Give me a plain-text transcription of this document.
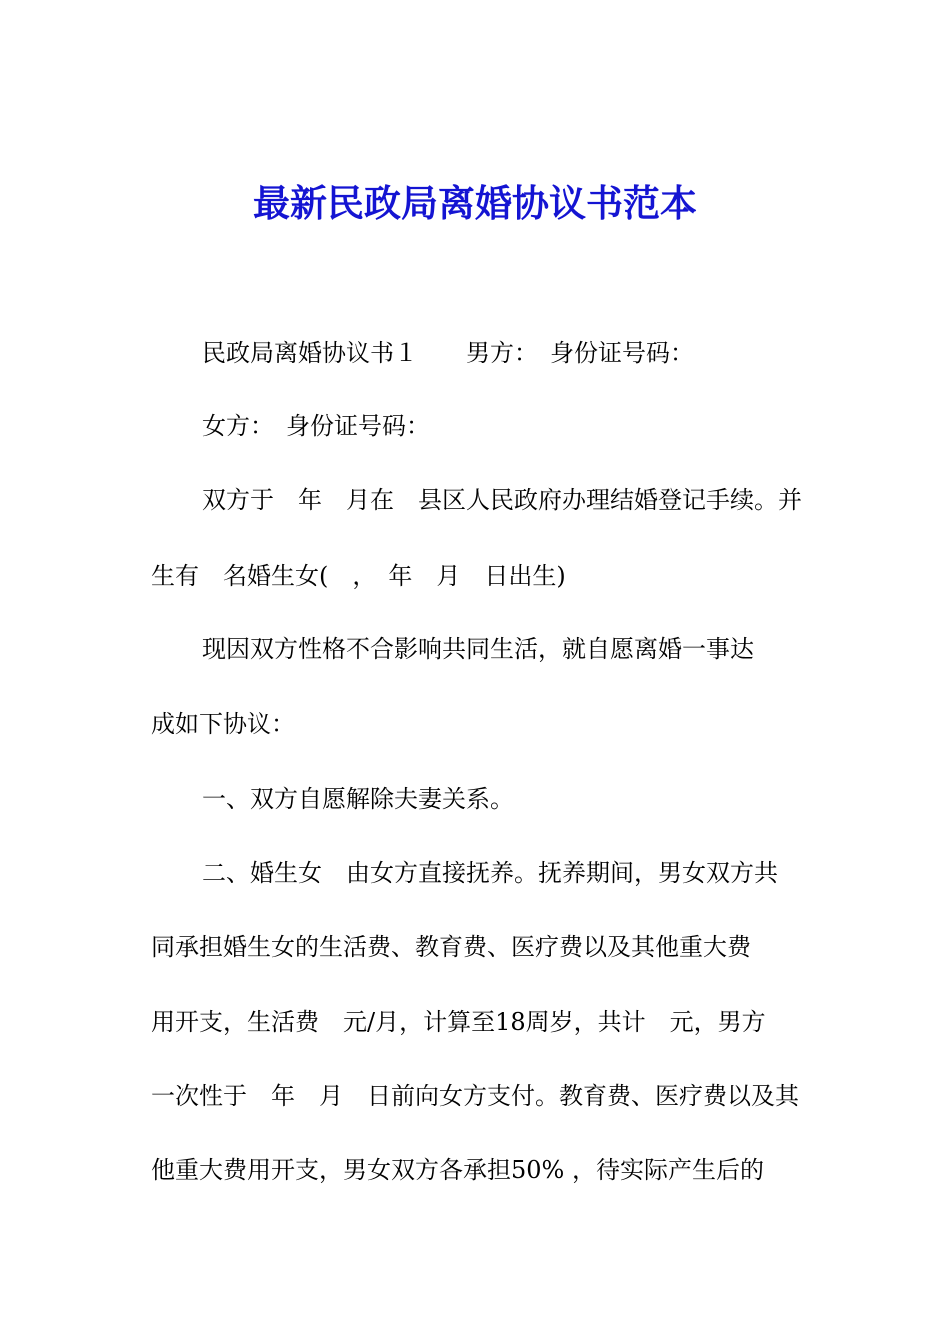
最新民政局离婚协议书范本

民政局离婚协议书１　　男方：　身份证号码：

女方：　身份证号码：

双方于　年　月在　县区人民政府办理结婚登记手续。并

生有　名婚生女(　，　年　月　日出生)

现因双方性格不合影响共同生活，就自愿离婚一事达

成如下协议：

一、双方自愿解除夫妻关系。

二、婚生女　由女方直接抚养。抚养期间，男女双方共

同承担婚生女的生活费、教育费、医疗费以及其他重大费

用开支，生活费　元/月，计算至18周岁，共计　元，男方

一次性于　年　月　日前向女方支付。教育费、医疗费以及其

他重大费用开支，男女双方各承担50% ，待实际产生后的
